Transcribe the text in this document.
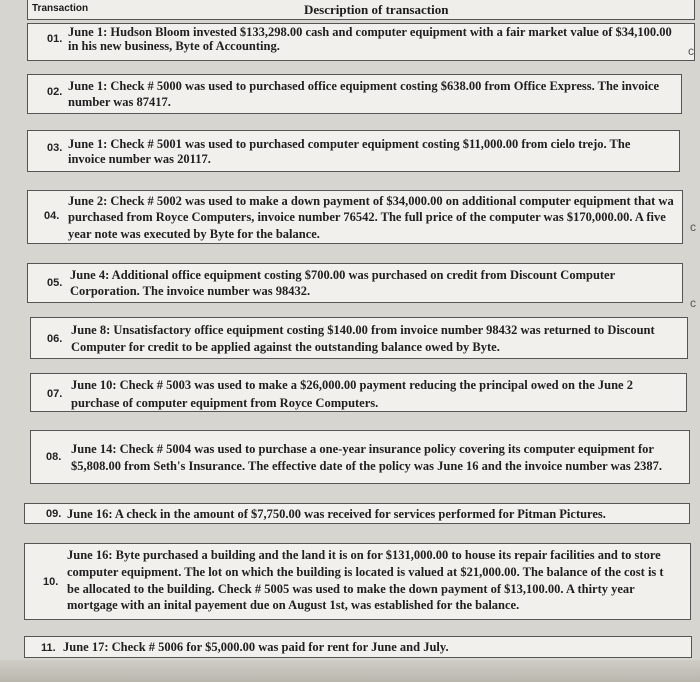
Transaction	Description of transaction
01. June 1: Hudson Bloom invested $133,298.00 cash and computer equipment with a fair market value of $34,100.00
in his new business, Byte of Accounting.
02. June 1: Check # 5000 was used to purchased office equipment costing $638.00 from Office Express. The invoice
number was 87417.
03. June 1: Check # 5001 was used to purchased computer equipment costing $11,000.00 from cielo trejo. The
invoice number was 20117.
04.
June 2: Check # 5002 was used to make a down payment of $34,000.00 on additional computer equipment that wa
purchased from Royce Computers, invoice number 76542. The full price of the computer was $170,000.00. A five
year note was executed by Byte for the balance.
05.
June 4: Additional office equipment costing $700.00 was purchased on credit from Discount Computer
Corporation. The invoice number was 98432.
06.
June 8: Unsatisfactory office equipment costing $140.00 from invoice number 98432 was returned to Discount
Computer for credit to be applied against the outstanding balance owed by Byte.
07.
June 10: Check # 5003 was used to make a $26,000.00 payment reducing the principal owed on the June 2
purchase of computer equipment from Royce Computers.
08.
June 14: Check # 5004 was used to purchase a one-year insurance policy covering its computer equipment for
$5,808.00 from Seth's Insurance. The effective date of the policy was June 16 and the invoice number was 2387.
09. June 16: A check in the amount of $7,750.00 was received for services performed for Pitman Pictures.
10.
June 16: Byte purchased a building and the land it is on for $131,000.00 to house its repair facilities and to store
computer equipment. The lot on which the building is located is valued at $21,000.00. The balance of the cost is t
be allocated to the building. Check # 5005 was used to make the down payment of $13,100.00. A thirty year
mortgage with an inital payement due on August 1st, was established for the balance.
11. June 17: Check # 5006 for $5,000.00 was paid for rent for June and July.
c
c
c
